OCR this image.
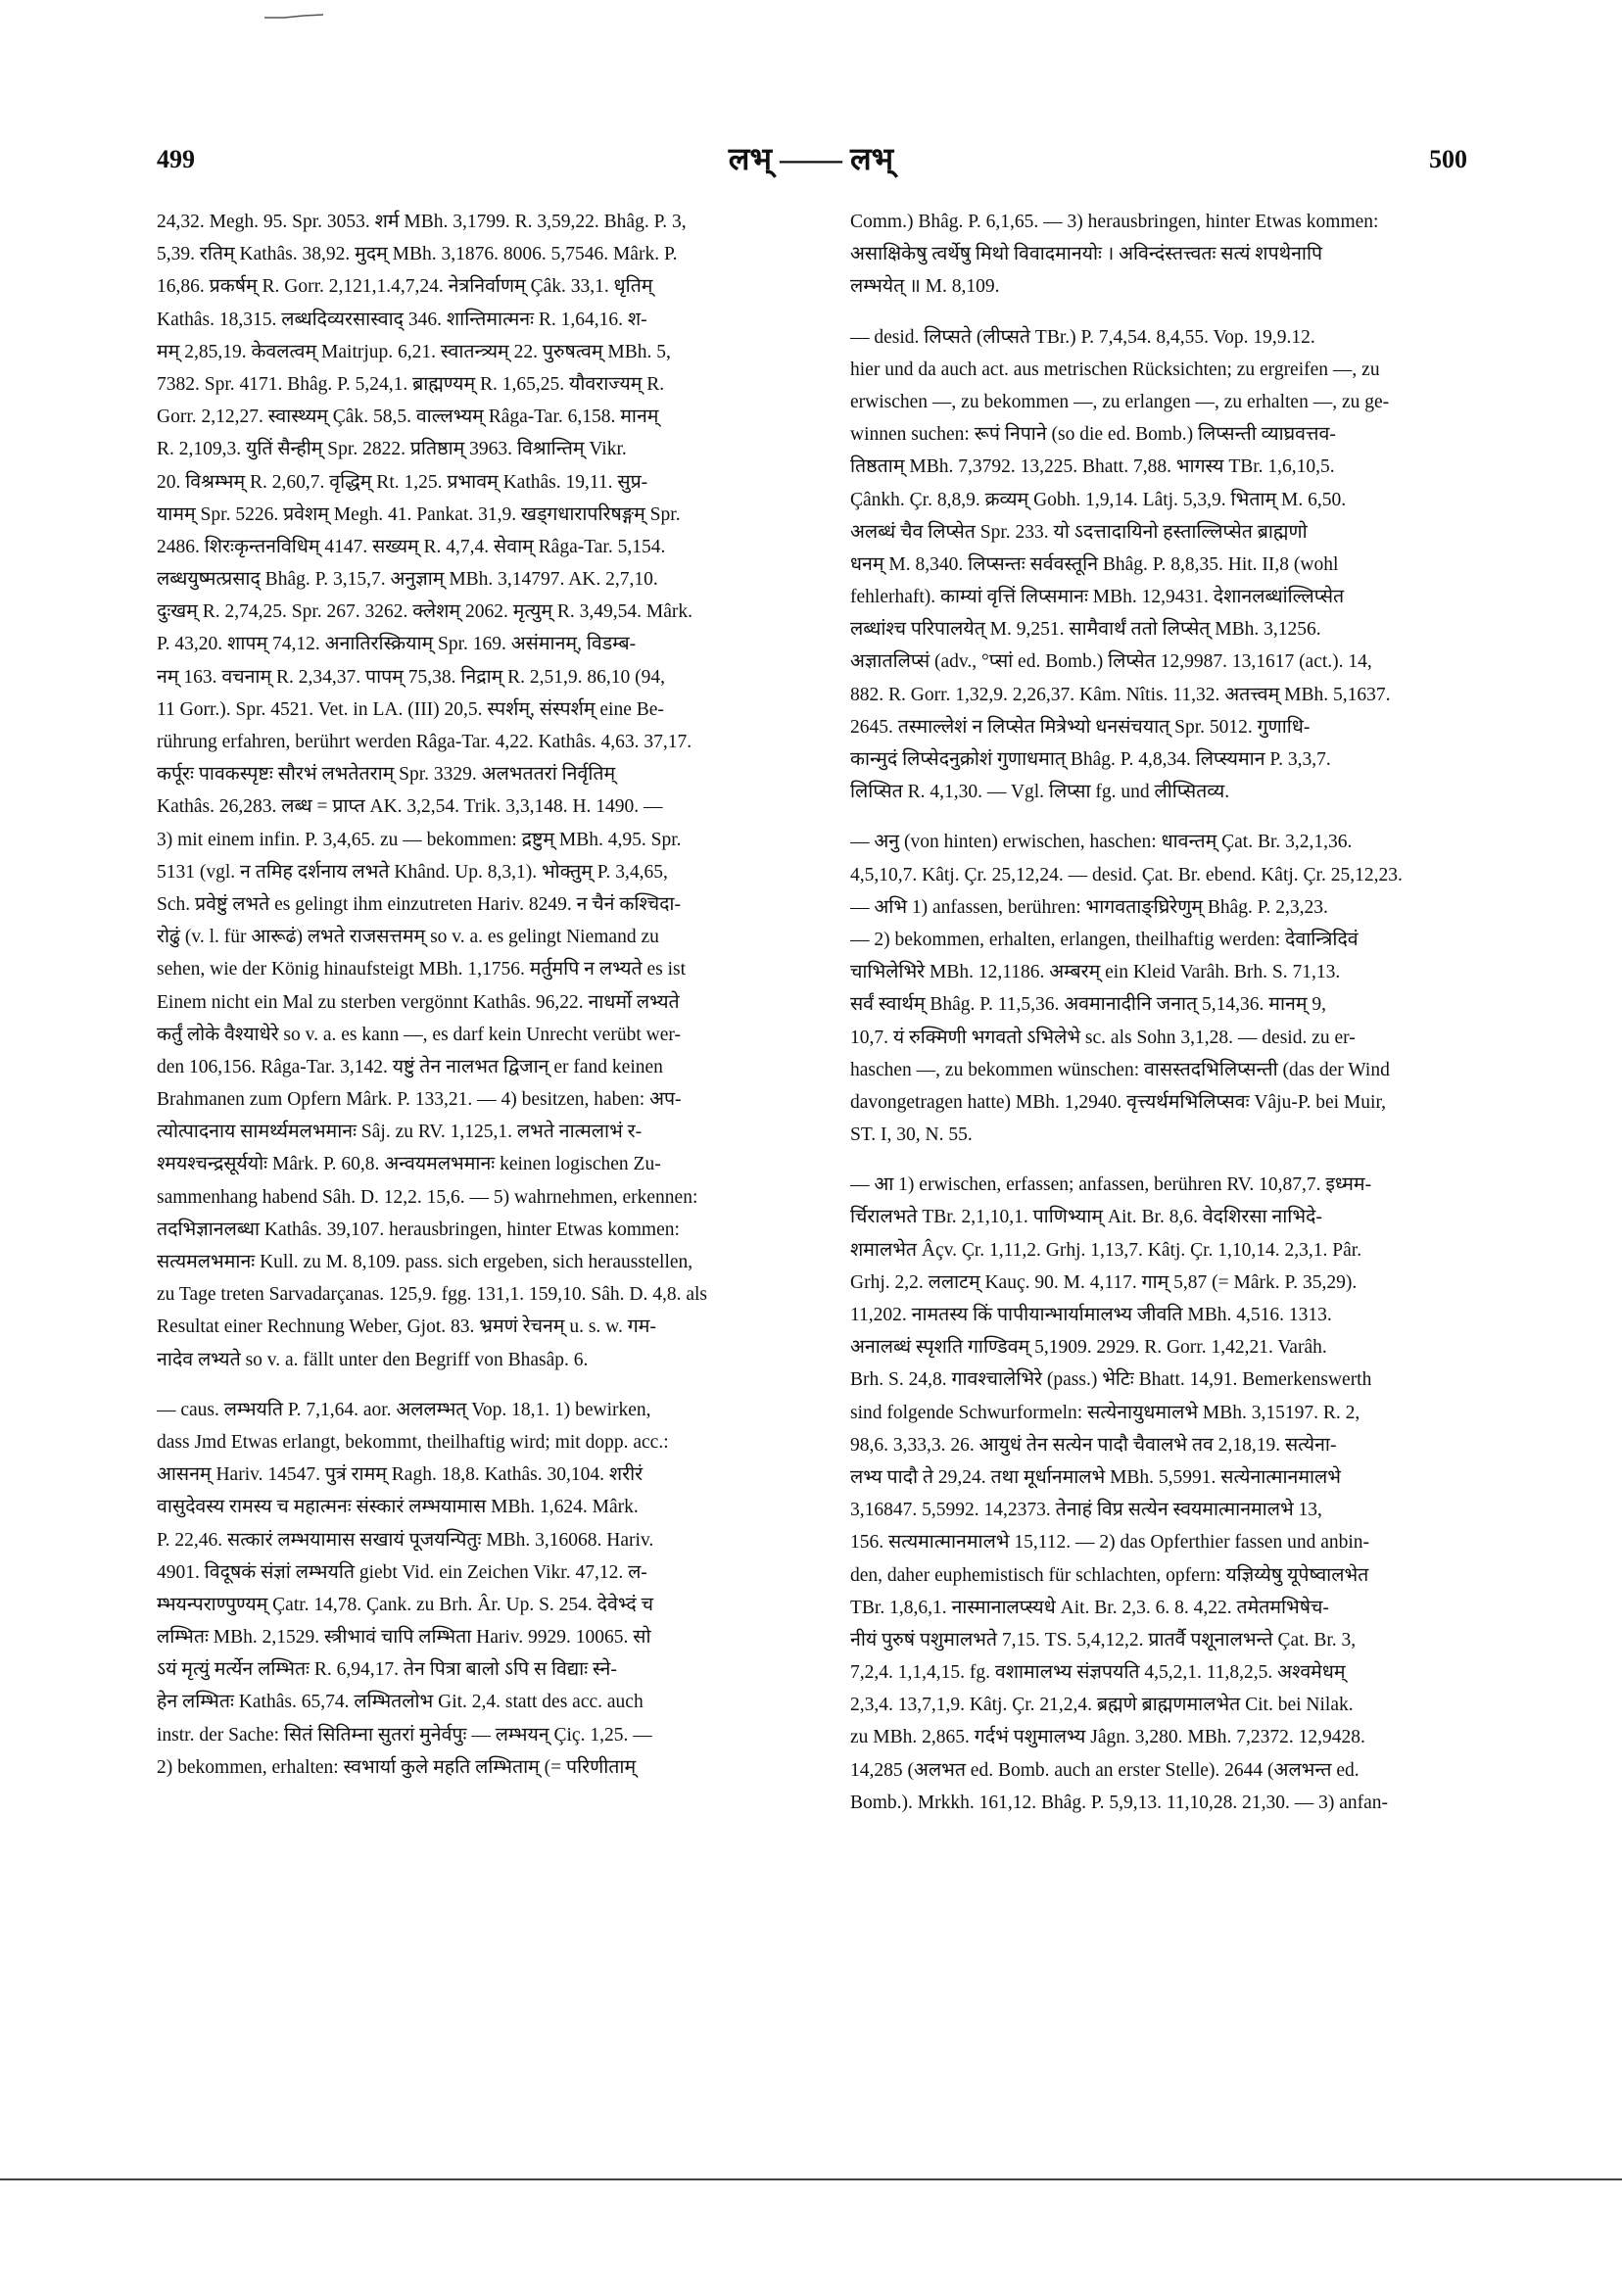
499	लभ् —— लभ्	500
24,32. Megh. 95. Spr. 3053. शर्म MBh. 3,1799. R. 3,59,22. Bhâg. P. 3,
5,39. रतिम् Kathâs. 38,92. मुदम् MBh. 3,1876. 8006. 5,7546. Mârk. P.
16,86. प्रकर्षम् R. Gorr. 2,121,1.4,7,24. नेत्रनिर्वाणम् Çâk. 33,1. धृतिम्
Kathâs. 18,315. लब्धदिव्यरसास्वाद् 346. शान्तिमात्मनः R. 1,64,16. श-
मम् 2,85,19. केवलत्वम् Maitrjup. 6,21. स्वातन्त्र्यम् 22. पुरुषत्वम् MBh. 5,
7382. Spr. 4171. Bhâg. P. 5,24,1. ब्राह्मण्यम् R. 1,65,25. यौवराज्यम् R.
Gorr. 2,12,27. स्वास्थ्यम् Çâk. 58,5. वाल्लभ्यम् Râga-Tar. 6,158. मानम्
R. 2,109,3. युतिं सैन्हीम् Spr. 2822. प्रतिष्ठाम् 3963. विश्रान्तिम् Vikr.
20. विश्रम्भम् R. 2,60,7. वृद्धिम् Rt. 1,25. प्रभावम् Kathâs. 19,11. सुप्र-
यामम् Spr. 5226. प्रवेशम् Megh. 41. Pankat. 31,9. खड्गधारापरिषङ्गम् Spr.
2486. शिरःकृन्तनविधिम् 4147. सख्यम् R. 4,7,4. सेवाम् Râga-Tar. 5,154.
लब्धयुष्मत्प्रसाद् Bhâg. P. 3,15,7. अनुज्ञाम् MBh. 3,14797. AK. 2,7,10.
दुःखम् R. 2,74,25. Spr. 267. 3262. क्लेशम् 2062. मृत्युम् R. 3,49,54. Mârk.
P. 43,20. शापम् 74,12. अनातिरस्क्रियाम् Spr. 169. असंमानम्, विडम्ब-
नम् 163. वचनाम् R. 2,34,37. पापम् 75,38. निद्राम् R. 2,51,9. 86,10 (94,
11 Gorr.). Spr. 4521. Vet. in LA. (III) 20,5. स्पर्शम्, संस्पर्शम् eine Be-
rührung erfahren, berührt werden Râga-Tar. 4,22. Kathâs. 4,63. 37,17.
कर्पूरः पावकस्पृष्टः सौरभं लभतेतराम् Spr. 3329. अलभततरां निर्वृतिम्
Kathâs. 26,283. लब्ध = प्राप्त AK. 3,2,54. Trik. 3,3,148. H. 1490. —
3) mit einem infin. P. 3,4,65. zu — bekommen: द्रष्टुम् MBh. 4,95. Spr.
5131 (vgl. न तमिह दर्शनाय लभते Khând. Up. 8,3,1). भोक्तुम् P. 3,4,65,
Sch. प्रवेष्टुं लभते es gelingt ihm einzutreten Hariv. 8249. न चैनं कश्चिदा-
रोढुं (v. l. für आरूढं) लभते राजसत्तमम् so v. a. es gelingt Niemand zu
sehen, wie der König hinaufsteigt MBh. 1,1756. मर्तुमपि न लभ्यते es ist
Einem nicht ein Mal zu sterben vergönnt Kathâs. 96,22. नाधर्मो लभ्यते
कर्तुं लोके वैश्याधेरे so v. a. es kann —, es darf kein Unrecht verübt wer-
den 106,156. Râga-Tar. 3,142. यष्टुं तेन नालभत द्विजान् er fand keinen
Brahmanen zum Opfern Mârk. P. 133,21. — 4) besitzen, haben: अप-
त्योत्पादनाय सामर्थ्यमलभमानः Sâj. zu RV. 1,125,1. लभते नात्मलाभं र-
श्मयश्चन्द्रसूर्ययोः Mârk. P. 60,8. अन्वयमलभमानः keinen logischen Zu-
sammenhang habend Sâh. D. 12,2. 15,6. — 5) wahrnehmen, erkennen:
तदभिज्ञानलब्धा Kathâs. 39,107. herausbringen, hinter Etwas kommen:
सत्यमलभमानः Kull. zu M. 8,109. pass. sich ergeben, sich herausstellen,
zu Tage treten Sarvadarçanas. 125,9. fgg. 131,1. 159,10. Sâh. D. 4,8. als
Resultat einer Rechnung Weber, Gjot. 83. भ्रमणं रेचनम् u. s. w. गम-
नादेव लभ्यते so v. a. fällt unter den Begriff von Bhasâp. 6.
— caus. लम्भयति P. 7,1,64. aor. अललम्भत् Vop. 18,1. 1) bewirken,
dass Jmd Etwas erlangt, bekommt, theilhaftig wird; mit dopp. acc.:
आसनम् Hariv. 14547. पुत्रं रामम् Ragh. 18,8. Kathâs. 30,104. शरीरं
वासुदेवस्य रामस्य च महात्मनः संस्कारं लम्भयामास MBh. 1,624. Mârk.
P. 22,46. सत्कारं लम्भयामास सखायं पूजयन्पितुः MBh. 3,16068. Hariv.
4901. विदूषकं संज्ञां लम्भयति giebt Vid. ein Zeichen Vikr. 47,12. ल-
म्भयन्पराण्पुण्यम् Çatr. 14,78. Çank. zu Brh. Âr. Up. S. 254. देवेभ्दं च
लम्भितः MBh. 2,1529. स्त्रीभावं चापि लम्भिता Hariv. 9929. 10065. सो
ऽयं मृत्युं मर्त्येन लम्भितः R. 6,94,17. तेन पित्रा बालो ऽपि स विद्याः स्ने-
हेन लम्भितः Kathâs. 65,74. लम्भितलोभ Git. 2,4. statt des acc. auch
instr. der Sache: सितं सितिम्ना सुतरां मुनेर्वपुः — लम्भयन् Çiç. 1,25. —
2) bekommen, erhalten: स्वभार्या कुले महति लम्भिताम् (= परिणीताम्
Comm.) Bhâg. P. 6,1,65. — 3) herausbringen, hinter Etwas kommen:
असाक्षिकेषु त्वर्थेषु मिथो विवादमानयोः । अविन्दंस्तत्त्वतः सत्यं शपथेनापि
लम्भयेत् ॥ M. 8,109.
— desid. लिप्सते (लीप्सते TBr.) P. 7,4,54. 8,4,55. Vop. 19,9.12.
hier und da auch act. aus metrischen Rücksichten; zu ergreifen —, zu
erwischen —, zu bekommen —, zu erlangen —, zu erhalten —, zu ge-
winnen suchen: रूपं निपाने (so die ed. Bomb.) लिप्सन्ती व्याघ्रवत्तव-
तिष्ठताम् MBh. 7,3792. 13,225. Bhatt. 7,88. भागस्य TBr. 1,6,10,5.
Çânkh. Çr. 8,8,9. क्रव्यम् Gobh. 1,9,14. Lâtj. 5,3,9. भिताम् M. 6,50.
अलब्धं चैव लिप्सेत Spr. 233. यो ऽदत्तादायिनो हस्ताल्लिप्सेत ब्राह्मणो
धनम् M. 8,340. लिप्सन्तः सर्ववस्तूनि Bhâg. P. 8,8,35. Hit. II,8 (wohl
fehlerhaft). काम्यां वृत्तिं लिप्समानः MBh. 12,9431. देशानलब्धांल्लिप्सेत
लब्धांश्च परिपालयेत् M. 9,251. सामैवार्थं ततो लिप्सेत् MBh. 3,1256.
अज्ञातलिप्सं (adv., °प्सां ed. Bomb.) लिप्सेत 12,9987. 13,1617 (act.). 14,
882. R. Gorr. 1,32,9. 2,26,37. Kâm. Nîtis. 11,32. अतत्त्वम् MBh. 5,1637.
2645. तस्माल्लेशं न लिप्सेत मित्रेभ्यो धनसंचयात् Spr. 5012. गुणाधि-
कान्मुदं लिप्सेदनुक्रोशं गुणाधमात् Bhâg. P. 4,8,34. लिप्स्यमान P. 3,3,7.
लिप्सित R. 4,1,30. — Vgl. लिप्सा fg. und लीप्सितव्य.
— अनु (von hinten) erwischen, haschen: धावन्तम् Çat. Br. 3,2,1,36.
4,5,10,7. Kâtj. Çr. 25,12,24. — desid. Çat. Br. ebend. Kâtj. Çr. 25,12,23.
— अभि 1) anfassen, berühren: भागवताङ्घ्रिरेणुम् Bhâg. P. 2,3,23.
— 2) bekommen, erhalten, erlangen, theilhaftig werden: देवान्त्रिदिवं
चाभिलेभिरे MBh. 12,1186. अम्बरम् ein Kleid Varâh. Brh. S. 71,13.
सर्वं स्वार्थम् Bhâg. P. 11,5,36. अवमानादीनि जनात् 5,14,36. मानम् 9,
10,7. यं रुक्मिणी भगवतो ऽभिलेभे sc. als Sohn 3,1,28. — desid. zu er-
haschen —, zu bekommen wünschen: वासस्तदभिलिप्सन्ती (das der Wind
davongetragen hatte) MBh. 1,2940. वृत्त्यर्थमभिलिप्सवः Vâju-P. bei Muir,
ST. I, 30, N. 55.
— आ 1) erwischen, erfassen; anfassen, berühren RV. 10,87,7. इध्मम-
र्चिरालभते TBr. 2,1,10,1. पाणिभ्याम् Ait. Br. 8,6. वेदशिरसा नाभिदे-
शमालभेत Âçv. Çr. 1,11,2. Grhj. 1,13,7. Kâtj. Çr. 1,10,14. 2,3,1. Pâr.
Grhj. 2,2. ललाटम् Kauç. 90. M. 4,117. गाम् 5,87 (= Mârk. P. 35,29).
11,202. नामतस्य किं पापीयान्भार्यामालभ्य जीवति MBh. 4,516. 1313.
अनालब्धं स्पृशति गाण्डिवम् 5,1909. 2929. R. Gorr. 1,42,21. Varâh.
Brh. S. 24,8. गावश्चालेभिरे (pass.) भेटिः Bhatt. 14,91. Bemerkenswerth
sind folgende Schwurformeln: सत्येनायुधमालभे MBh. 3,15197. R. 2,
98,6. 3,33,3. 26. आयुधं तेन सत्येन पादौ चैवालभे तव 2,18,19. सत्येना-
लभ्य पादौ ते 29,24. तथा मूर्धानमालभे MBh. 5,5991. सत्येनात्मानमालभे
3,16847. 5,5992. 14,2373. तेनाहं विप्र सत्येन स्वयमात्मानमालभे 13,
156. सत्यमात्मानमालभे 15,112. — 2) das Opferthier fassen und anbin-
den, daher euphemistisch für schlachten, opfern: यज्ञिय्येषु यूपेष्वालभेत
TBr. 1,8,6,1. नास्मानालप्स्यधे Ait. Br. 2,3. 6. 8. 4,22. तमेतमभिषेच-
नीयं पुरुषं पशुमालभते 7,15. TS. 5,4,12,2. प्रातर्वै पशूनालभन्ते Çat. Br. 3,
7,2,4. 1,1,4,15. fg. वशामालभ्य संज्ञपयति 4,5,2,1. 11,8,2,5. अश्वमेधम्
2,3,4. 13,7,1,9. Kâtj. Çr. 21,2,4. ब्रह्मणे ब्राह्मणमालभेत Cit. bei Nilak.
zu MBh. 2,865. गर्दभं पशुमालभ्य Jâgn. 3,280. MBh. 7,2372. 12,9428.
14,285 (अलभत ed. Bomb. auch an erster Stelle). 2644 (अलभन्त ed.
Bomb.). Mrkkh. 161,12. Bhâg. P. 5,9,13. 11,10,28. 21,30. — 3) anfan-
